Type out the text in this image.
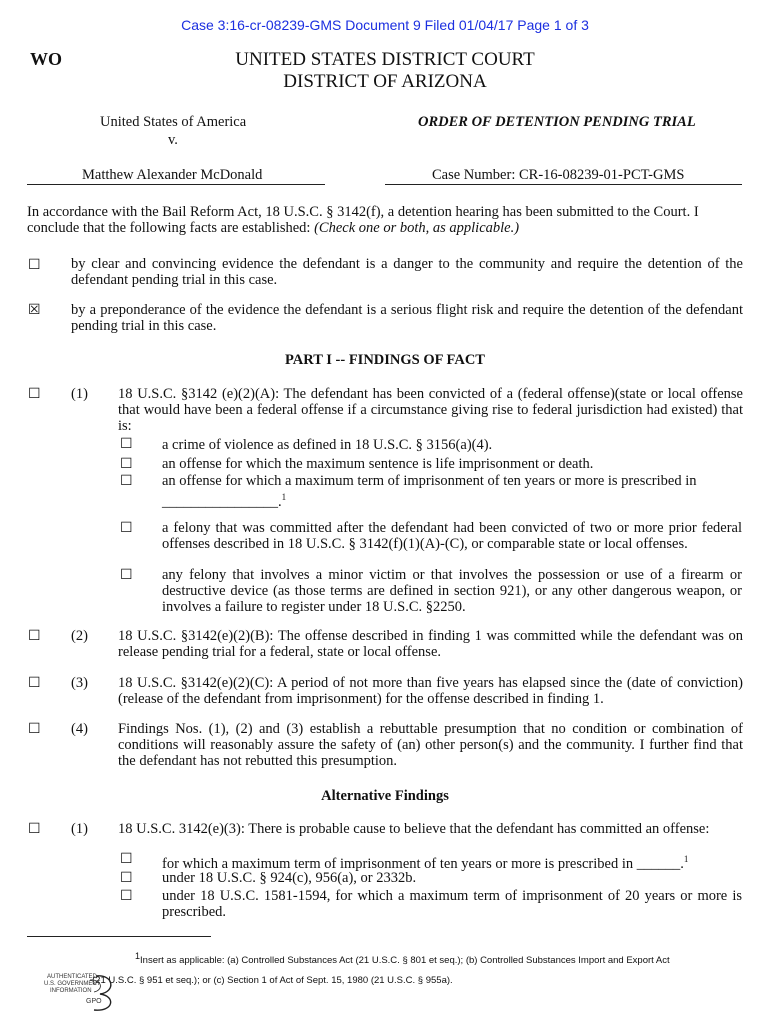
Case 3:16-cr-08239-GMS Document 9 Filed 01/04/17 Page 1 of 3
WO	UNITED STATES DISTRICT COURT
DISTRICT OF ARIZONA
United States of America
v.
Matthew Alexander McDonald
ORDER OF DETENTION PENDING TRIAL
Case Number: CR-16-08239-01-PCT-GMS
In accordance with the Bail Reform Act, 18 U.S.C. § 3142(f), a detention hearing has been submitted to the Court. I
conclude that the following facts are established: (Check one or both, as applicable.)
☐ by clear and convincing evidence the defendant is a danger to the community and require the detention of the defendant pending trial in this case.
☒ by a preponderance of the evidence the defendant is a serious flight risk and require the detention of the defendant pending trial in this case.
PART I -- FINDINGS OF FACT
☐ (1) 18 U.S.C. §3142 (e)(2)(A): The defendant has been convicted of a (federal offense)(state or local offense that would have been a federal offense if a circumstance giving rise to federal jurisdiction had existed) that is:
☐ a crime of violence as defined in 18 U.S.C. § 3156(a)(4).
☐ an offense for which the maximum sentence is life imprisonment or death.
☐ an offense for which a maximum term of imprisonment of ten years or more is prescribed in
________________.$^1$
☐ a felony that was committed after the defendant had been convicted of two or more prior federal offenses described in 18 U.S.C. § 3142(f)(1)(A)-(C), or comparable state or local offenses.
☐ any felony that involves a minor victim or that involves the possession or use of a firearm or destructive device (as those terms are defined in section 921), or any other dangerous weapon, or involves a failure to register under 18 U.S.C. §2250.
☐ (2) 18 U.S.C. §3142(e)(2)(B): The offense described in finding 1 was committed while the defendant was on release pending trial for a federal, state or local offense.
☐ (3) 18 U.S.C. §3142(e)(2)(C): A period of not more than five years has elapsed since the (date of conviction)(release of the defendant from imprisonment) for the offense described in finding 1.
☐ (4) Findings Nos. (1), (2) and (3) establish a rebuttable presumption that no condition or combination of conditions will reasonably assure the safety of (an) other person(s) and the community. I further find that the defendant has not rebutted this presumption.
Alternative Findings
☐ (1) 18 U.S.C. 3142(e)(3): There is probable cause to believe that the defendant has committed an offense:
☐ for which a maximum term of imprisonment of ten years or more is prescribed in ______.$^1$
☐ under 18 U.S.C. § 924(c), 956(a), or 2332b.
☐ under 18 U.S.C. 1581-1594, for which a maximum term of imprisonment of 20 years or more is prescribed.
$^1$Insert as applicable: (a) Controlled Substances Act (21 U.S.C. § 801 et seq.); (b) Controlled Substances Import and Export Act
(21 U.S.C. § 951 et seq.); or (c) Section 1 of Act of Sept. 15, 1980 (21 U.S.C. § 955a).
AUTHENTICATED
U.S. GOVERNMENT
INFORMATION
GPO
